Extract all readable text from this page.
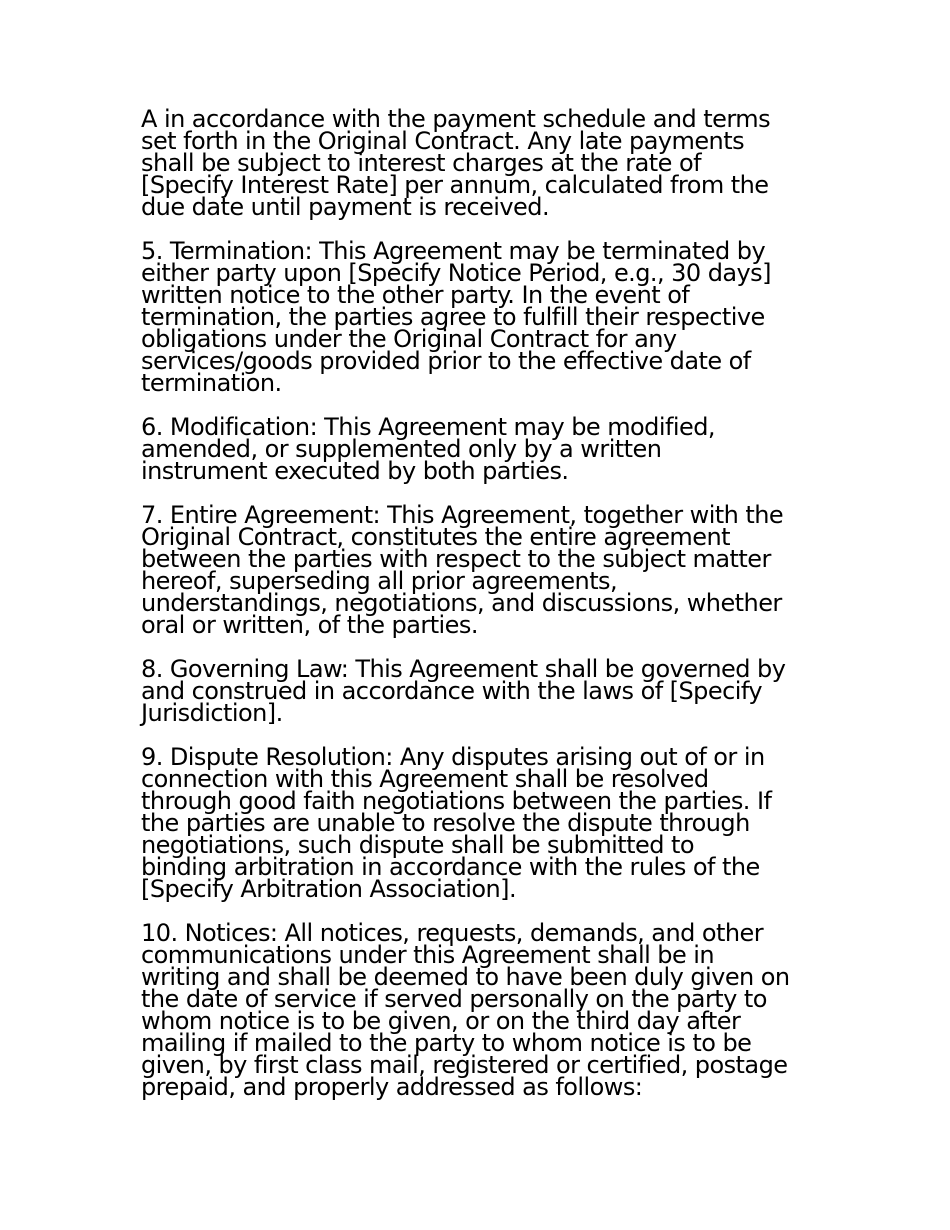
A in accordance with the payment schedule and terms
set forth in the Original Contract. Any late payments
shall be subject to interest charges at the rate of
[Specify Interest Rate] per annum, calculated from the
due date until payment is received.

5. Termination: This Agreement may be terminated by
either party upon [Specify Notice Period, e.g., 30 days]
written notice to the other party. In the event of
termination, the parties agree to fulfill their respective
obligations under the Original Contract for any
services/goods provided prior to the effective date of
termination.

6. Modification: This Agreement may be modified,
amended, or supplemented only by a written
instrument executed by both parties.

7. Entire Agreement: This Agreement, together with the
Original Contract, constitutes the entire agreement
between the parties with respect to the subject matter
hereof, superseding all prior agreements,
understandings, negotiations, and discussions, whether
oral or written, of the parties.

8. Governing Law: This Agreement shall be governed by
and construed in accordance with the laws of [Specify
Jurisdiction].

9. Dispute Resolution: Any disputes arising out of or in
connection with this Agreement shall be resolved
through good faith negotiations between the parties. If
the parties are unable to resolve the dispute through
negotiations, such dispute shall be submitted to
binding arbitration in accordance with the rules of the
[Specify Arbitration Association].

10. Notices: All notices, requests, demands, and other
communications under this Agreement shall be in
writing and shall be deemed to have been duly given on
the date of service if served personally on the party to
whom notice is to be given, or on the third day after
mailing if mailed to the party to whom notice is to be
given, by first class mail, registered or certified, postage
prepaid, and properly addressed as follows:
